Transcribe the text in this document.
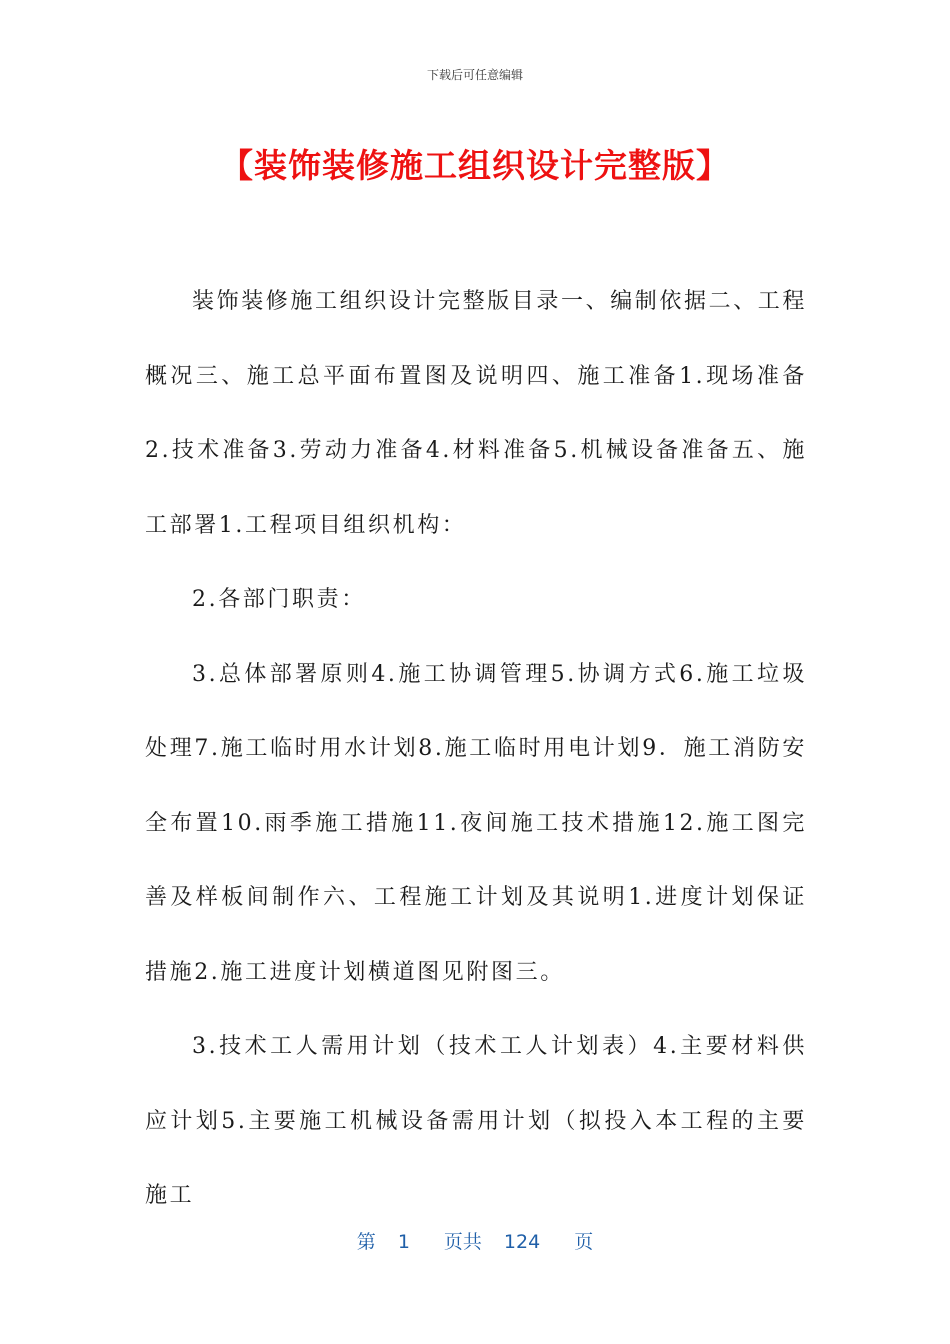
下载后可任意编辑
【装饰装修施工组织设计完整版】

装饰装修施工组织设计完整版目录一、编制依据二、工程概况三、施工总平面布置图及说明四、施工准备1.现场准备2.技术准备3.劳动力准备4.材料准备5.机械设备准备五、施工部署1.工程项目组织机构：

2.各部门职责：

3.总体部署原则4.施工协调管理5.协调方式6.施工垃圾处理7.施工临时用水计划8.施工临时用电计划9．施工消防安全布置10.雨季施工措施11.夜间施工技术措施12.施工图完善及样板间制作六、工程施工计划及其说明1.进度计划保证措施2.施工进度计划横道图见附图三。

3.技术工人需用计划（技术工人计划表）4.主要材料供应计划5.主要施工机械设备需用计划（拟投入本工程的主要施工

第 1 页共 124 页
